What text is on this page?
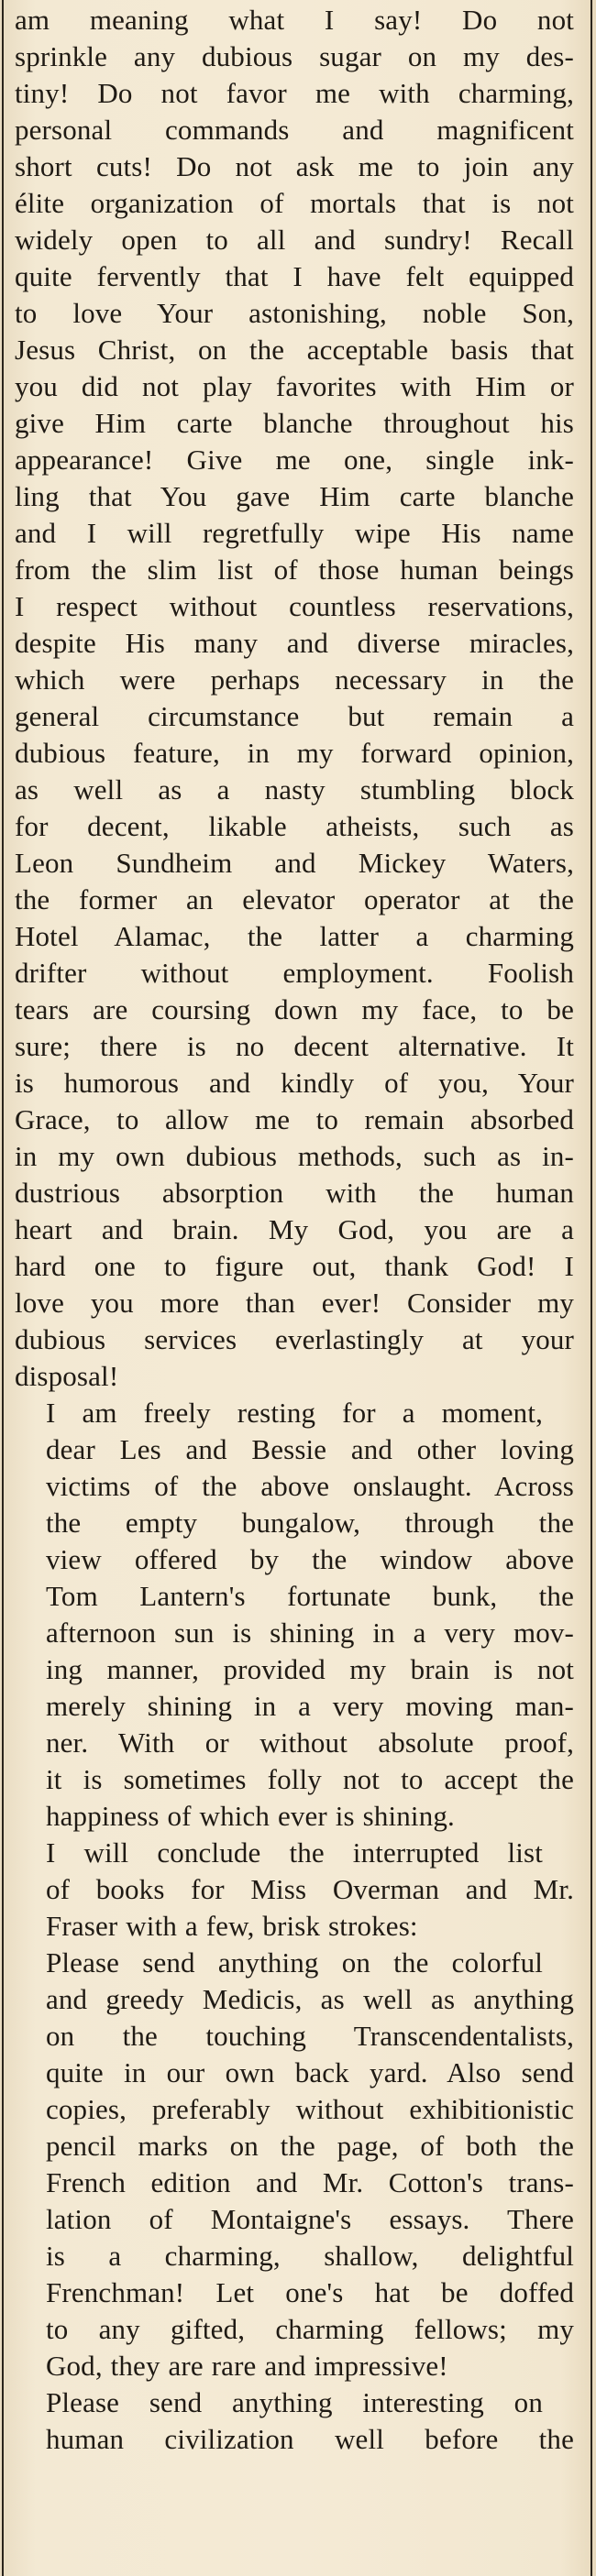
am meaning what I say! Do not
sprinkle any dubious sugar on my des-
tiny! Do not favor me with charming,
personal commands and magnificent
short cuts! Do not ask me to join any
élite organization of mortals that is not
widely open to all and sundry! Recall
quite fervently that I have felt equipped
to love Your astonishing, noble Son,
Jesus Christ, on the acceptable basis that
you did not play favorites with Him or
give Him carte blanche throughout his
appearance! Give me one, single ink-
ling that You gave Him carte blanche
and I will regretfully wipe His name
from the slim list of those human beings
I respect without countless reservations,
despite His many and diverse miracles,
which were perhaps necessary in the
general circumstance but remain a
dubious feature, in my forward opinion,
as well as a nasty stumbling block
for decent, likable atheists, such as
Leon Sundheim and Mickey Waters,
the former an elevator operator at the
Hotel Alamac, the latter a charming
drifter without employment. Foolish
tears are coursing down my face, to be
sure; there is no decent alternative. It
is humorous and kindly of you, Your
Grace, to allow me to remain absorbed
in my own dubious methods, such as in-
dustrious absorption with the human
heart and brain. My God, you are a
hard one to figure out, thank God! I
love you more than ever! Consider my
dubious services everlastingly at your
disposal!

I am freely resting for a moment,
dear Les and Bessie and other loving
victims of the above onslaught. Across
the empty bungalow, through the
view offered by the window above
Tom Lantern's fortunate bunk, the
afternoon sun is shining in a very mov-
ing manner, provided my brain is not
merely shining in a very moving man-
ner. With or without absolute proof,
it is sometimes folly not to accept the
happiness of which ever is shining.

I will conclude the interrupted list
of books for Miss Overman and Mr.
Fraser with a few, brisk strokes:

Please send anything on the colorful
and greedy Medicis, as well as anything
on the touching Transcendentalists,
quite in our own back yard. Also send
copies, preferably without exhibitionistic
pencil marks on the page, of both the
French edition and Mr. Cotton's trans-
lation of Montaigne's essays. There
is a charming, shallow, delightful
Frenchman! Let one's hat be doffed
to any gifted, charming fellows; my
God, they are rare and impressive!

Please send anything interesting on
human civilization well before the
